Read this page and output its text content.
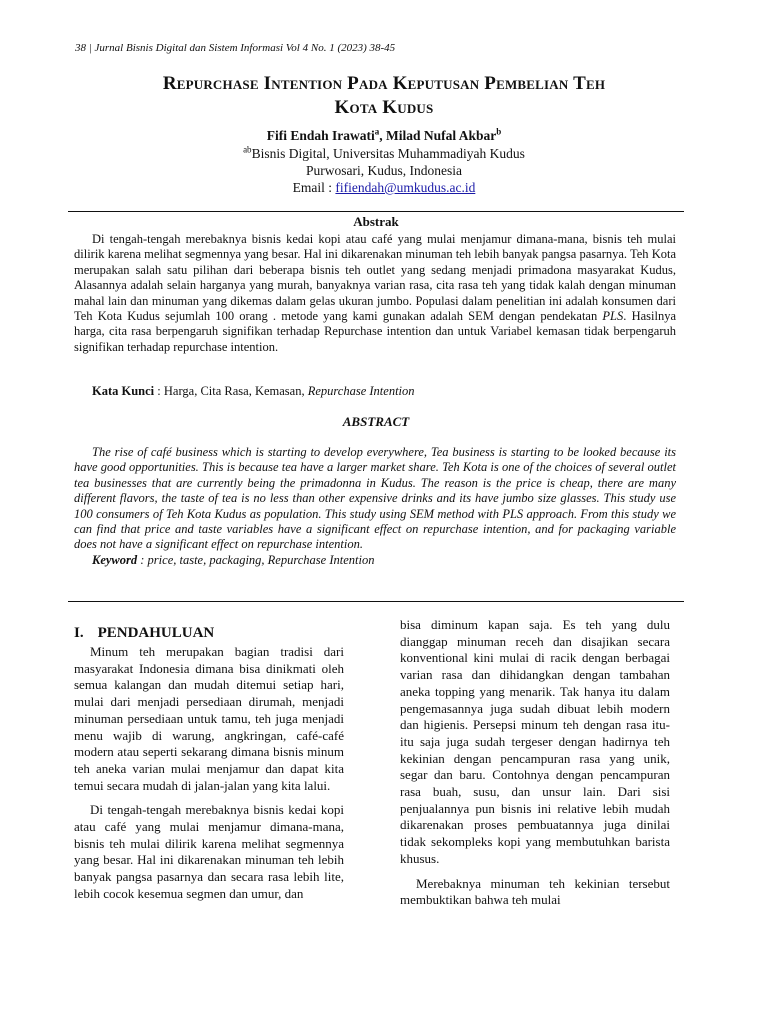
38 | Jurnal Bisnis Digital dan Sistem Informasi Vol 4 No. 1 (2023) 38-45
Repurchase Intention Pada Keputusan Pembelian Teh
Kota Kudus
Fifi Endah Irawati$^a$, Milad Nufal Akbar$^b$
$^{ab}$Bisnis Digital, Universitas Muhammadiyah Kudus
Purwosari, Kudus, Indonesia
Email : fifiendah@umkudus.ac.id
Abstrak

Di tengah-tengah merebaknya bisnis kedai kopi atau café yang mulai menjamur dimana-mana, bisnis teh mulai dilirik karena melihat segmennya yang besar. Hal ini dikarenakan minuman teh lebih banyak pangsa pasarnya. Teh Kota merupakan salah satu pilihan dari beberapa bisnis teh outlet yang sedang menjadi primadona masyarakat Kudus, Alasannya adalah selain harganya yang murah, banyaknya varian rasa, cita rasa teh yang tidak kalah dengan minuman mahal lain dan minuman yang dikemas dalam gelas ukuran jumbo. Populasi dalam penelitian ini adalah konsumen dari Teh Kota Kudus sejumlah 100 orang . metode yang kami gunakan adalah SEM dengan pendekatan PLS. Hasilnya harga, cita rasa berpengaruh signifikan terhadap Repurchase intention dan untuk Variabel kemasan tidak berpengaruh signifikan terhadap repurchase intention.

Kata Kunci : Harga, Cita Rasa, Kemasan, Repurchase Intention
ABSTRACT

The rise of café business which is starting to develop everywhere, Tea business is starting to be looked because its have good opportunities. This is because tea have a larger market share. Teh Kota is one of the choices of several outlet tea businesses that are currently being the primadonna in Kudus. The reason is the price is cheap, there are many different flavors, the taste of tea is no less than other expensive drinks and its have jumbo size glasses. This study use 100 consumers of Teh Kota Kudus as population. This study using SEM method with PLS approach. From this study we can find that price and taste variables have a significant effect on repurchase intention, and for packaging variable does not have a significant effect on repurchase intention.

Keyword : price, taste, packaging, Repurchase Intention

I. PENDAHULUAN

Minum teh merupakan bagian tradisi dari masyarakat Indonesia dimana bisa dinikmati oleh semua kalangan dan mudah ditemui setiap hari, mulai dari menjadi persediaan dirumah, menjadi minuman persediaan untuk tamu, teh juga menjadi menu wajib di warung, angkringan, café-café modern atau seperti sekarang dimana bisnis minum teh aneka varian mulai menjamur dan dapat kita temui secara mudah di jalan-jalan yang kita lalui.

Di tengah-tengah merebaknya bisnis kedai kopi atau café yang mulai menjamur dimana-mana, bisnis teh mulai dilirik karena melihat segmennya yang besar. Hal ini dikarenakan minuman teh lebih banyak pangsa pasarnya dan secara rasa lebih lite, lebih cocok kesemua segmen dan umur, dan

bisa diminum kapan saja. Es teh yang dulu dianggap minuman receh dan disajikan secara konventional kini mulai di racik dengan berbagai varian rasa dan dihidangkan dengan tambahan aneka topping yang menarik. Tak hanya itu dalam pengemasannya juga sudah dibuat lebih modern dan higienis. Persepsi minum teh dengan rasa itu-itu saja juga sudah tergeser dengan hadirnya teh kekinian dengan pencampuran rasa yang unik, segar dan baru. Contohnya dengan pencampuran rasa buah, susu, dan unsur lain. Dari sisi penjualannya pun bisnis ini relative lebih mudah dikarenakan proses pembuatannya juga dinilai tidak sekompleks kopi yang membutuhkan barista khusus.

Merebaknya minuman teh kekinian tersebut membuktikan bahwa teh mulai
